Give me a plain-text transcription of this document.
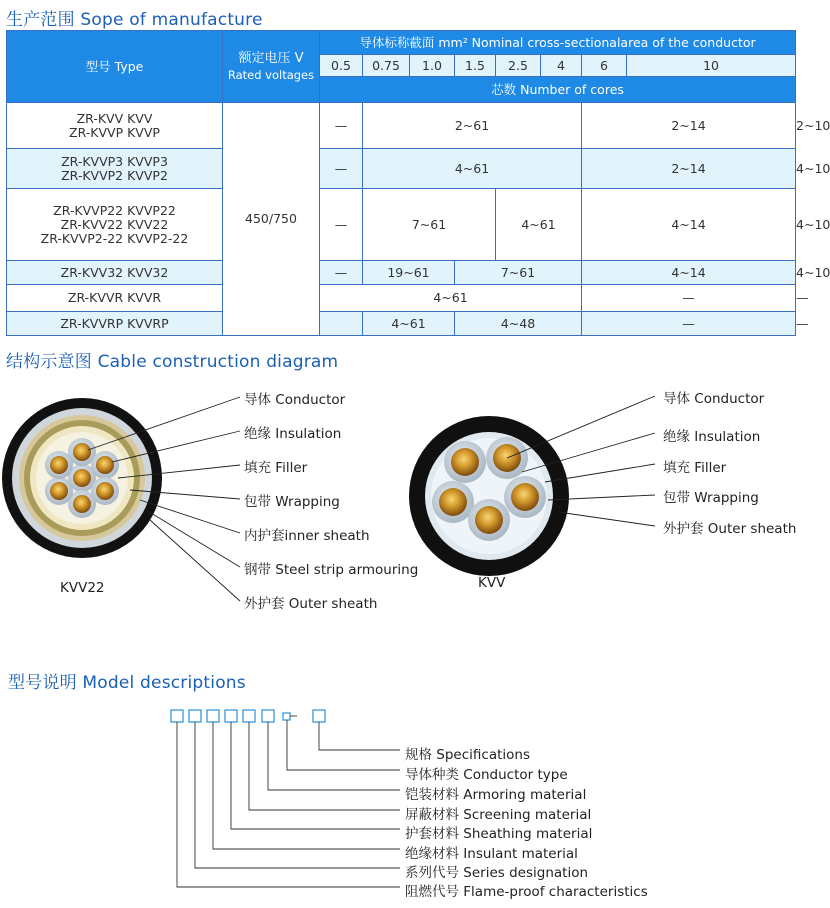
生产范围 Sope of manufacture
型号 Type	额定电压 V
Rated voltages	导体标称截面 mm² Nominal cross-sectionalarea of the conductor								
		0.5	0.75	1.0	1.5	2.5	4	6	10	
		芯数 Number of cores								

ZR-KVV KVV
ZR-KVVP KVVP	450/750	—	2~61					2~14		2~10

ZR-KVVP3 KVVP3
ZR-KVVP2 KVVP2		—	4~61					2~14		4~10

ZR-KVVP22 KVVP22
ZR-KVV22 KVV22
ZR-KVVP2-22 KVVP2-22		—	7~61			4~61		4~14		4~10
ZR-KVV32 KVV32		—	19~61		7~61			4~14		4~10
ZR-KVVR KVVR		4~61						—		—
ZR-KVVRP KVVRP			4~61		4~48			—		—
结构示意图 Cable construction diagram
导体 Conductor
绝缘 Insulation
填充 Filler
包带 Wrapping
内护套inner sheath
钢带 Steel strip armouring
外护套 Outer sheath
KVV22
导体 Conductor
绝缘 Insulation
填充 Filler
包带 Wrapping
外护套 Outer sheath
KVV
型号说明 Model descriptions
规格 Specifications
导体种类 Conductor type
铠装材料 Armoring material
屏蔽材料 Screening material
护套材料 Sheathing material
绝缘材料 Insulant material
系列代号 Series designation
阻燃代号 Flame-proof characteristics
